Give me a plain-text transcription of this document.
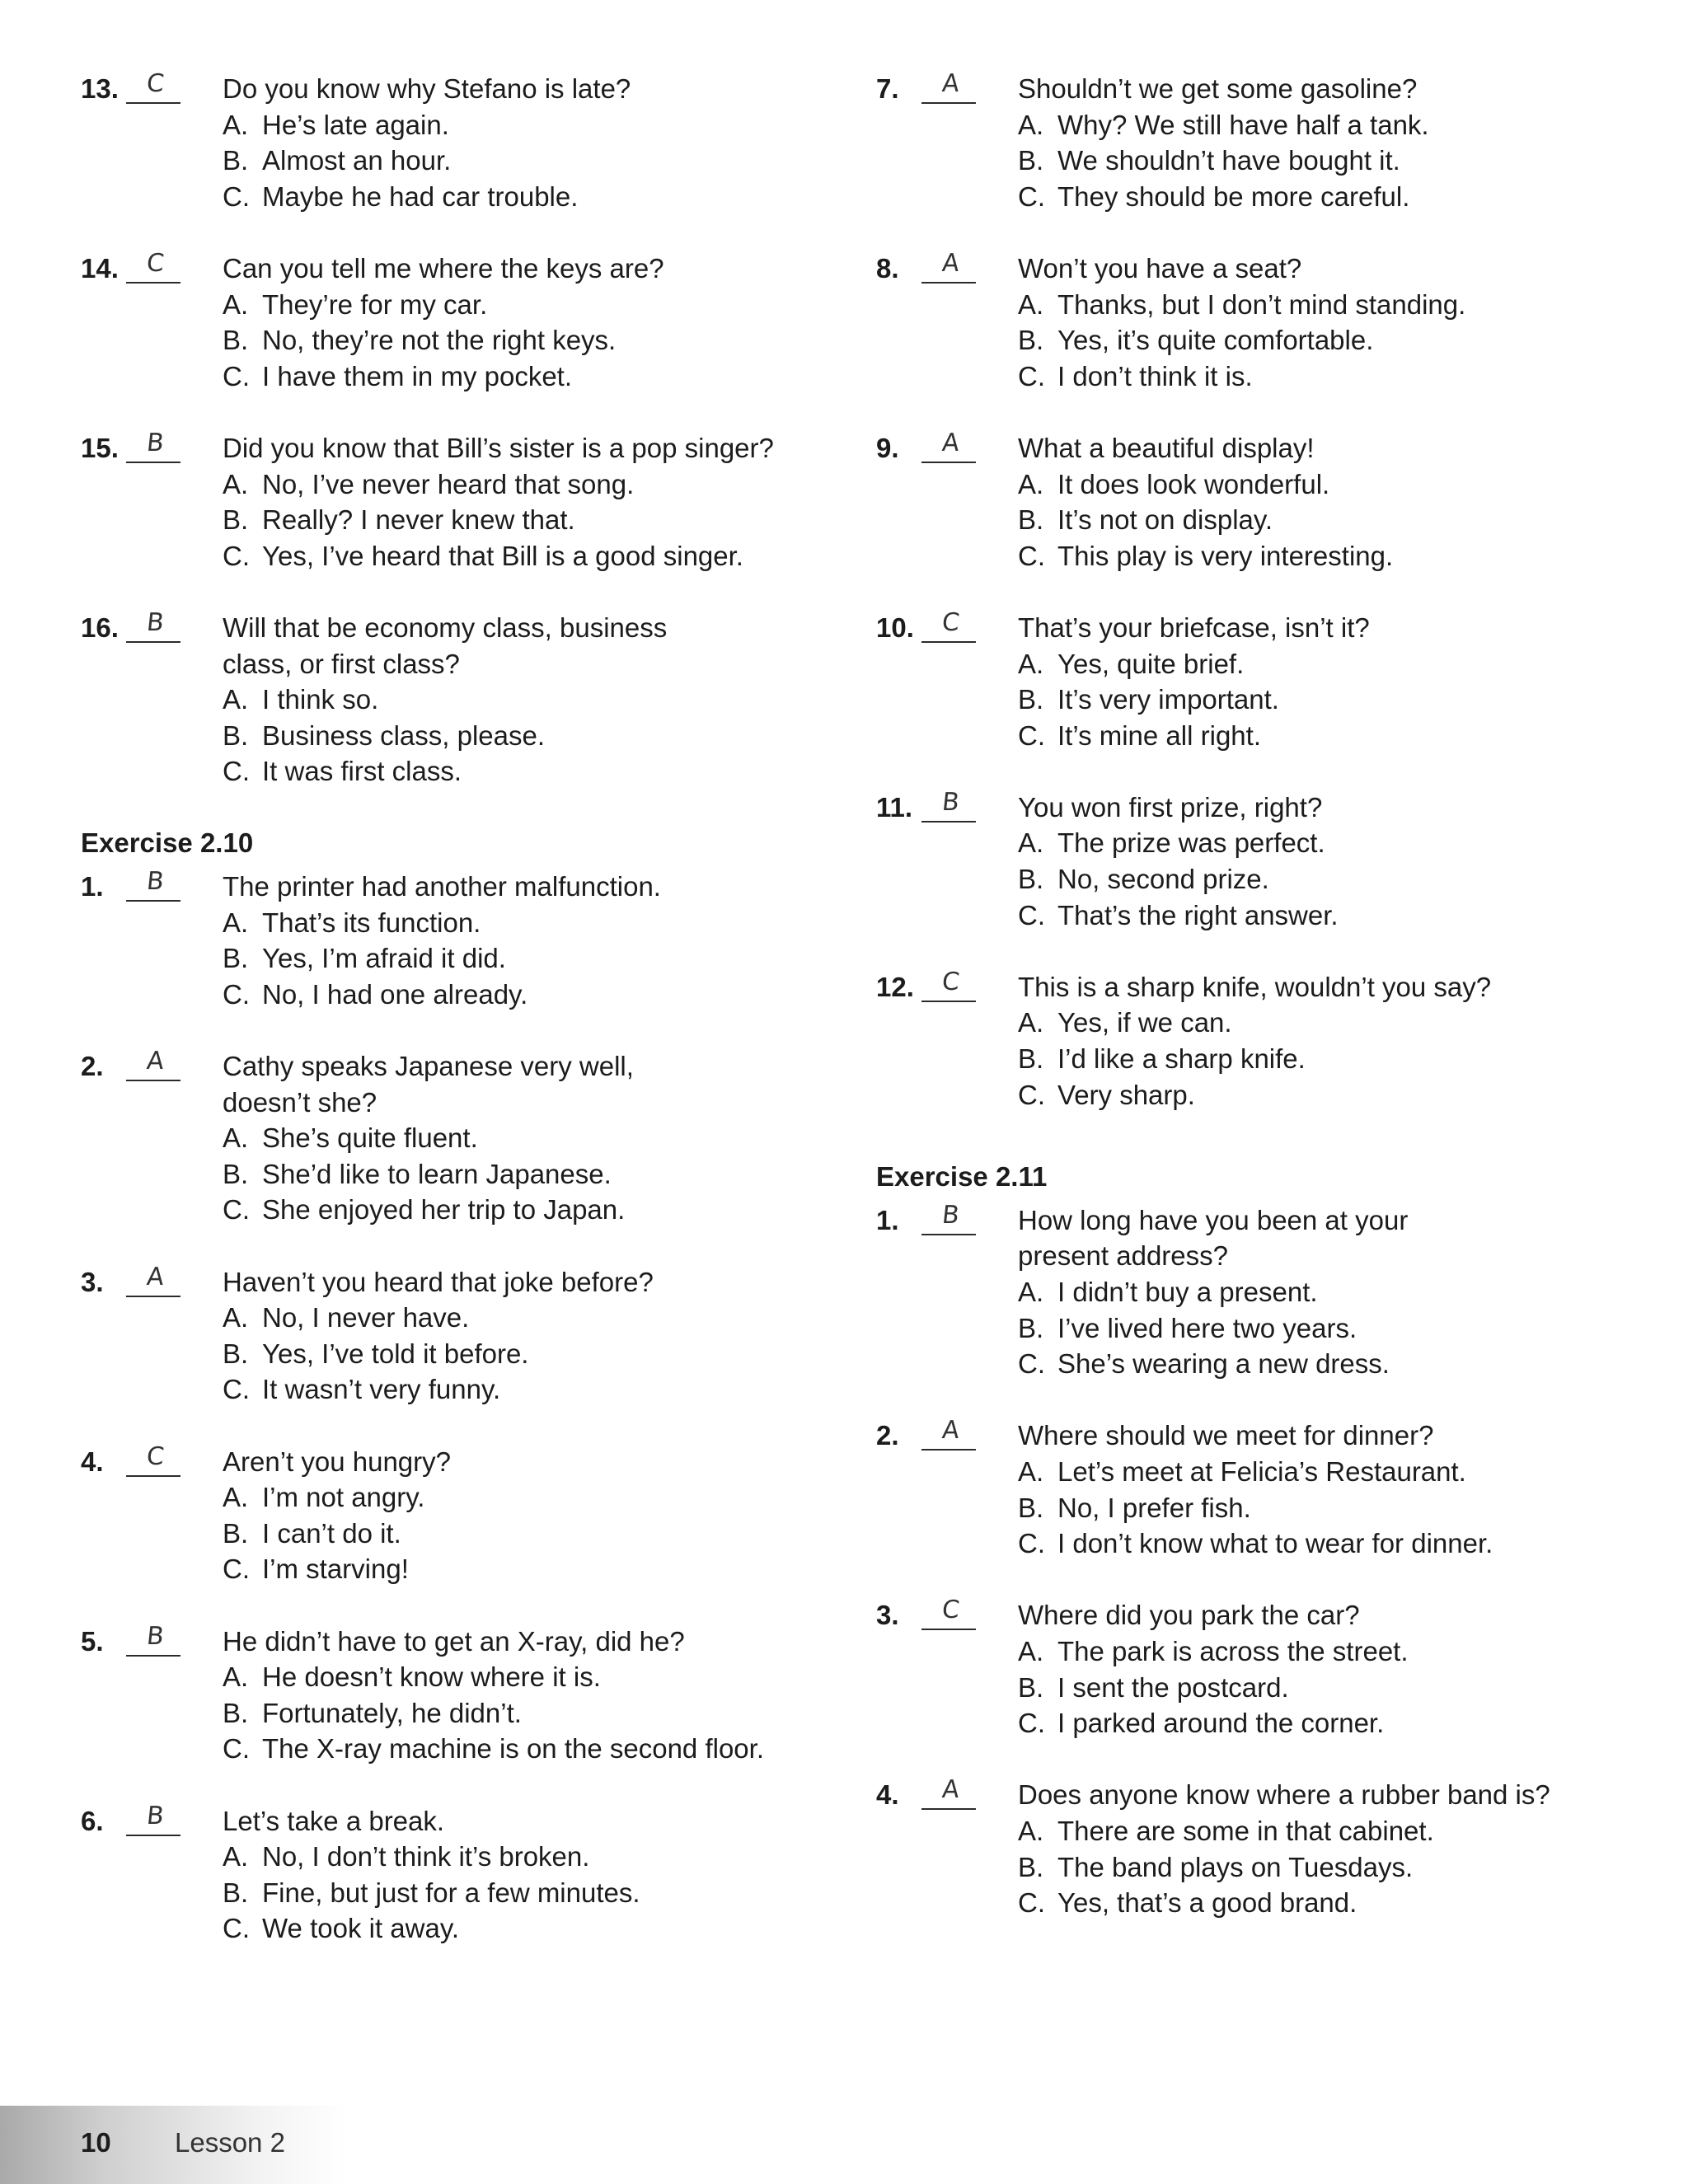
13.	C	Do you know why Stefano is late?
A. He’s late again.
B. Almost an hour.
C. Maybe he had car trouble.
14.	C	Can you tell me where the keys are?
A. They’re for my car.
B. No, they’re not the right keys.
C. I have them in my pocket.
15.	B	Did you know that Bill’s sister is a pop singer?
A. No, I’ve never heard that song.
B. Really? I never knew that.
C. Yes, I’ve heard that Bill is a good singer.
16.	B	Will that be economy class, business
class, or first class?
A. I think so.
B. Business class, please.
C. It was first class.
Exercise 2.10
1.	B	The printer had another malfunction.
A. That’s its function.
B. Yes, I’m afraid it did.
C. No, I had one already.
2.	A	Cathy speaks Japanese very well,
doesn’t she?
A. She’s quite fluent.
B. She’d like to learn Japanese.
C. She enjoyed her trip to Japan.
3.	A	Haven’t you heard that joke before?
A. No, I never have.
B. Yes, I’ve told it before.
C. It wasn’t very funny.
4.	C	Aren’t you hungry?
A. I’m not angry.
B. I can’t do it.
C. I’m starving!
5.	B	He didn’t have to get an X-ray, did he?
A. He doesn’t know where it is.
B. Fortunately, he didn’t.
C. The X-ray machine is on the second floor.
6.	B	Let’s take a break.
A. No, I don’t think it’s broken.
B. Fine, but just for a few minutes.
C. We took it away.
7.	A	Shouldn’t we get some gasoline?
A. Why? We still have half a tank.
B. We shouldn’t have bought it.
C. They should be more careful.
8.	A	Won’t you have a seat?
A. Thanks, but I don’t mind standing.
B. Yes, it’s quite comfortable.
C. I don’t think it is.
9.	A	What a beautiful display!
A. It does look wonderful.
B. It’s not on display.
C. This play is very interesting.
10.	C	That’s your briefcase, isn’t it?
A. Yes, quite brief.
B. It’s very important.
C. It’s mine all right.
11.	B	You won first prize, right?
A. The prize was perfect.
B. No, second prize.
C. That’s the right answer.
12.	C	This is a sharp knife, wouldn’t you say?
A. Yes, if we can.
B. I’d like a sharp knife.
C. Very sharp.
Exercise 2.11
1.	B	How long have you been at your
present address?
A. I didn’t buy a present.
B. I’ve lived here two years.
C. She’s wearing a new dress.
2.	A	Where should we meet for dinner?
A. Let’s meet at Felicia’s Restaurant.
B. No, I prefer fish.
C. I don’t know what to wear for dinner.
3.	C	Where did you park the car?
A. The park is across the street.
B. I sent the postcard.
C. I parked around the corner.
4.	A	Does anyone know where a rubber band is?
A. There are some in that cabinet.
B. The band plays on Tuesdays.
C. Yes, that’s a good brand.
10 Lesson 2
